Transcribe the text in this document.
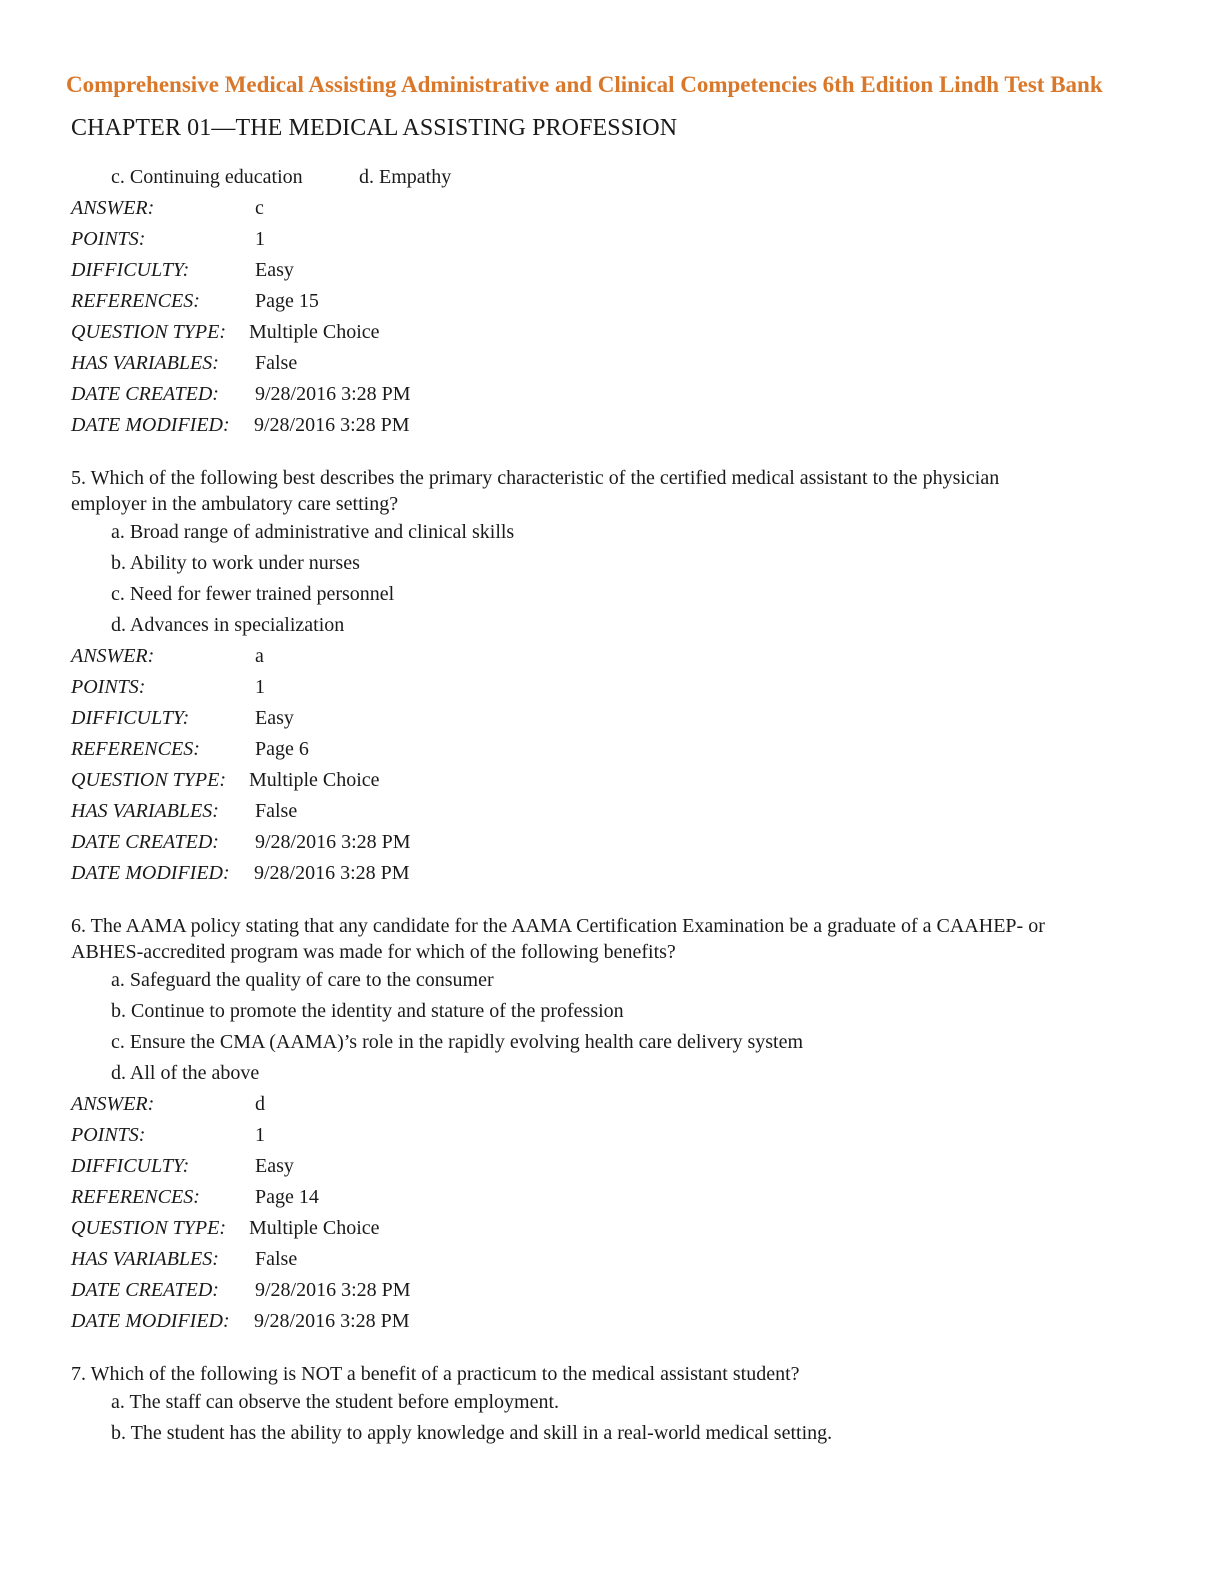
Comprehensive Medical Assisting Administrative and Clinical Competencies 6th Edition Lindh Test Bank
CHAPTER 01—THE MEDICAL ASSISTING PROFESSION
c. Continuing education	d. Empathy
ANSWER:	c
POINTS:	1
DIFFICULTY:	Easy
REFERENCES:	Page 15
QUESTION TYPE: Multiple Choice
HAS VARIABLES: False
DATE CREATED: 9/28/2016 3:28 PM
DATE MODIFIED: 9/28/2016 3:28 PM
5. Which of the following best describes the primary characteristic of the certified medical assistant to the physician
employer in the ambulatory care setting?
a. Broad range of administrative and clinical skills
b. Ability to work under nurses
c. Need for fewer trained personnel
d. Advances in specialization
ANSWER:	a
POINTS:	1
DIFFICULTY:	Easy
REFERENCES:	Page 6
QUESTION TYPE: Multiple Choice
HAS VARIABLES: False
DATE CREATED: 9/28/2016 3:28 PM
DATE MODIFIED: 9/28/2016 3:28 PM
6. The AAMA policy stating that any candidate for the AAMA Certification Examination be a graduate of a CAAHEP- or
ABHES-accredited program was made for which of the following benefits?
a. Safeguard the quality of care to the consumer
b. Continue to promote the identity and stature of the profession
c. Ensure the CMA (AAMA)’s role in the rapidly evolving health care delivery system
d. All of the above
ANSWER:	d
POINTS:	1
DIFFICULTY:	Easy
REFERENCES:	Page 14
QUESTION TYPE: Multiple Choice
HAS VARIABLES: False
DATE CREATED: 9/28/2016 3:28 PM
DATE MODIFIED: 9/28/2016 3:28 PM
7. Which of the following is NOT a benefit of a practicum to the medical assistant student?
a. The staff can observe the student before employment.
b. The student has the ability to apply knowledge and skill in a real-world medical setting.
